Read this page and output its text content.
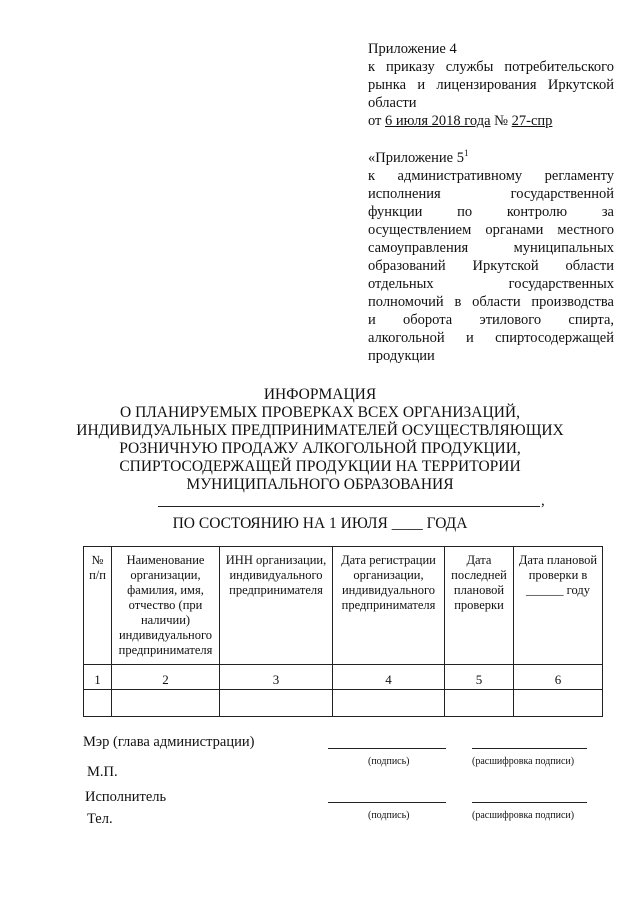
Приложение 4
к приказу службы потребительского
рынка и лицензирования Иркутской
области
от 6 июля 2018 года № 27-спр
«Приложение $5^1$
к административному регламенту
исполнения государственной
функции по контролю за
осуществлением органами местного
самоуправления муниципальных
образований Иркутской области
отдельных государственных
полномочий в области производства
и оборота этилового спирта,
алкогольной и спиртосодержащей
продукции
ИНФОРМАЦИЯ
О ПЛАНИРУЕМЫХ ПРОВЕРКАХ ВСЕХ ОРГАНИЗАЦИЙ,
ИНДИВИДУАЛЬНЫХ ПРЕДПРИНИМАТЕЛЕЙ ОСУЩЕСТВЛЯЮЩИХ
РОЗНИЧНУЮ ПРОДАЖУ АЛКОГОЛЬНОЙ ПРОДУКЦИИ,
СПИРТОСОДЕРЖАЩЕЙ ПРОДУКЦИИ НА ТЕРРИТОРИИ
МУНИЦИПАЛЬНОГО ОБРАЗОВАНИЯ
,
ПО СОСТОЯНИЮ НА 1 ИЮЛЯ ____ ГОДА
№ п/п	Наименование организации, фамилия, имя, отчество (при наличии) индивидуального предпринимателя	ИНН организации, индивидуального предпринимателя	Дата регистрации организации, индивидуального предпринимателя	Дата последней плановой проверки	Дата плановой проверки в ______ году
1	2	3	4	5	6

Мэр (глава администрации)
(подпись)	(расшифровка подписи)
М.П.
Исполнитель
(подпись)	(расшифровка подписи)
Тел.
